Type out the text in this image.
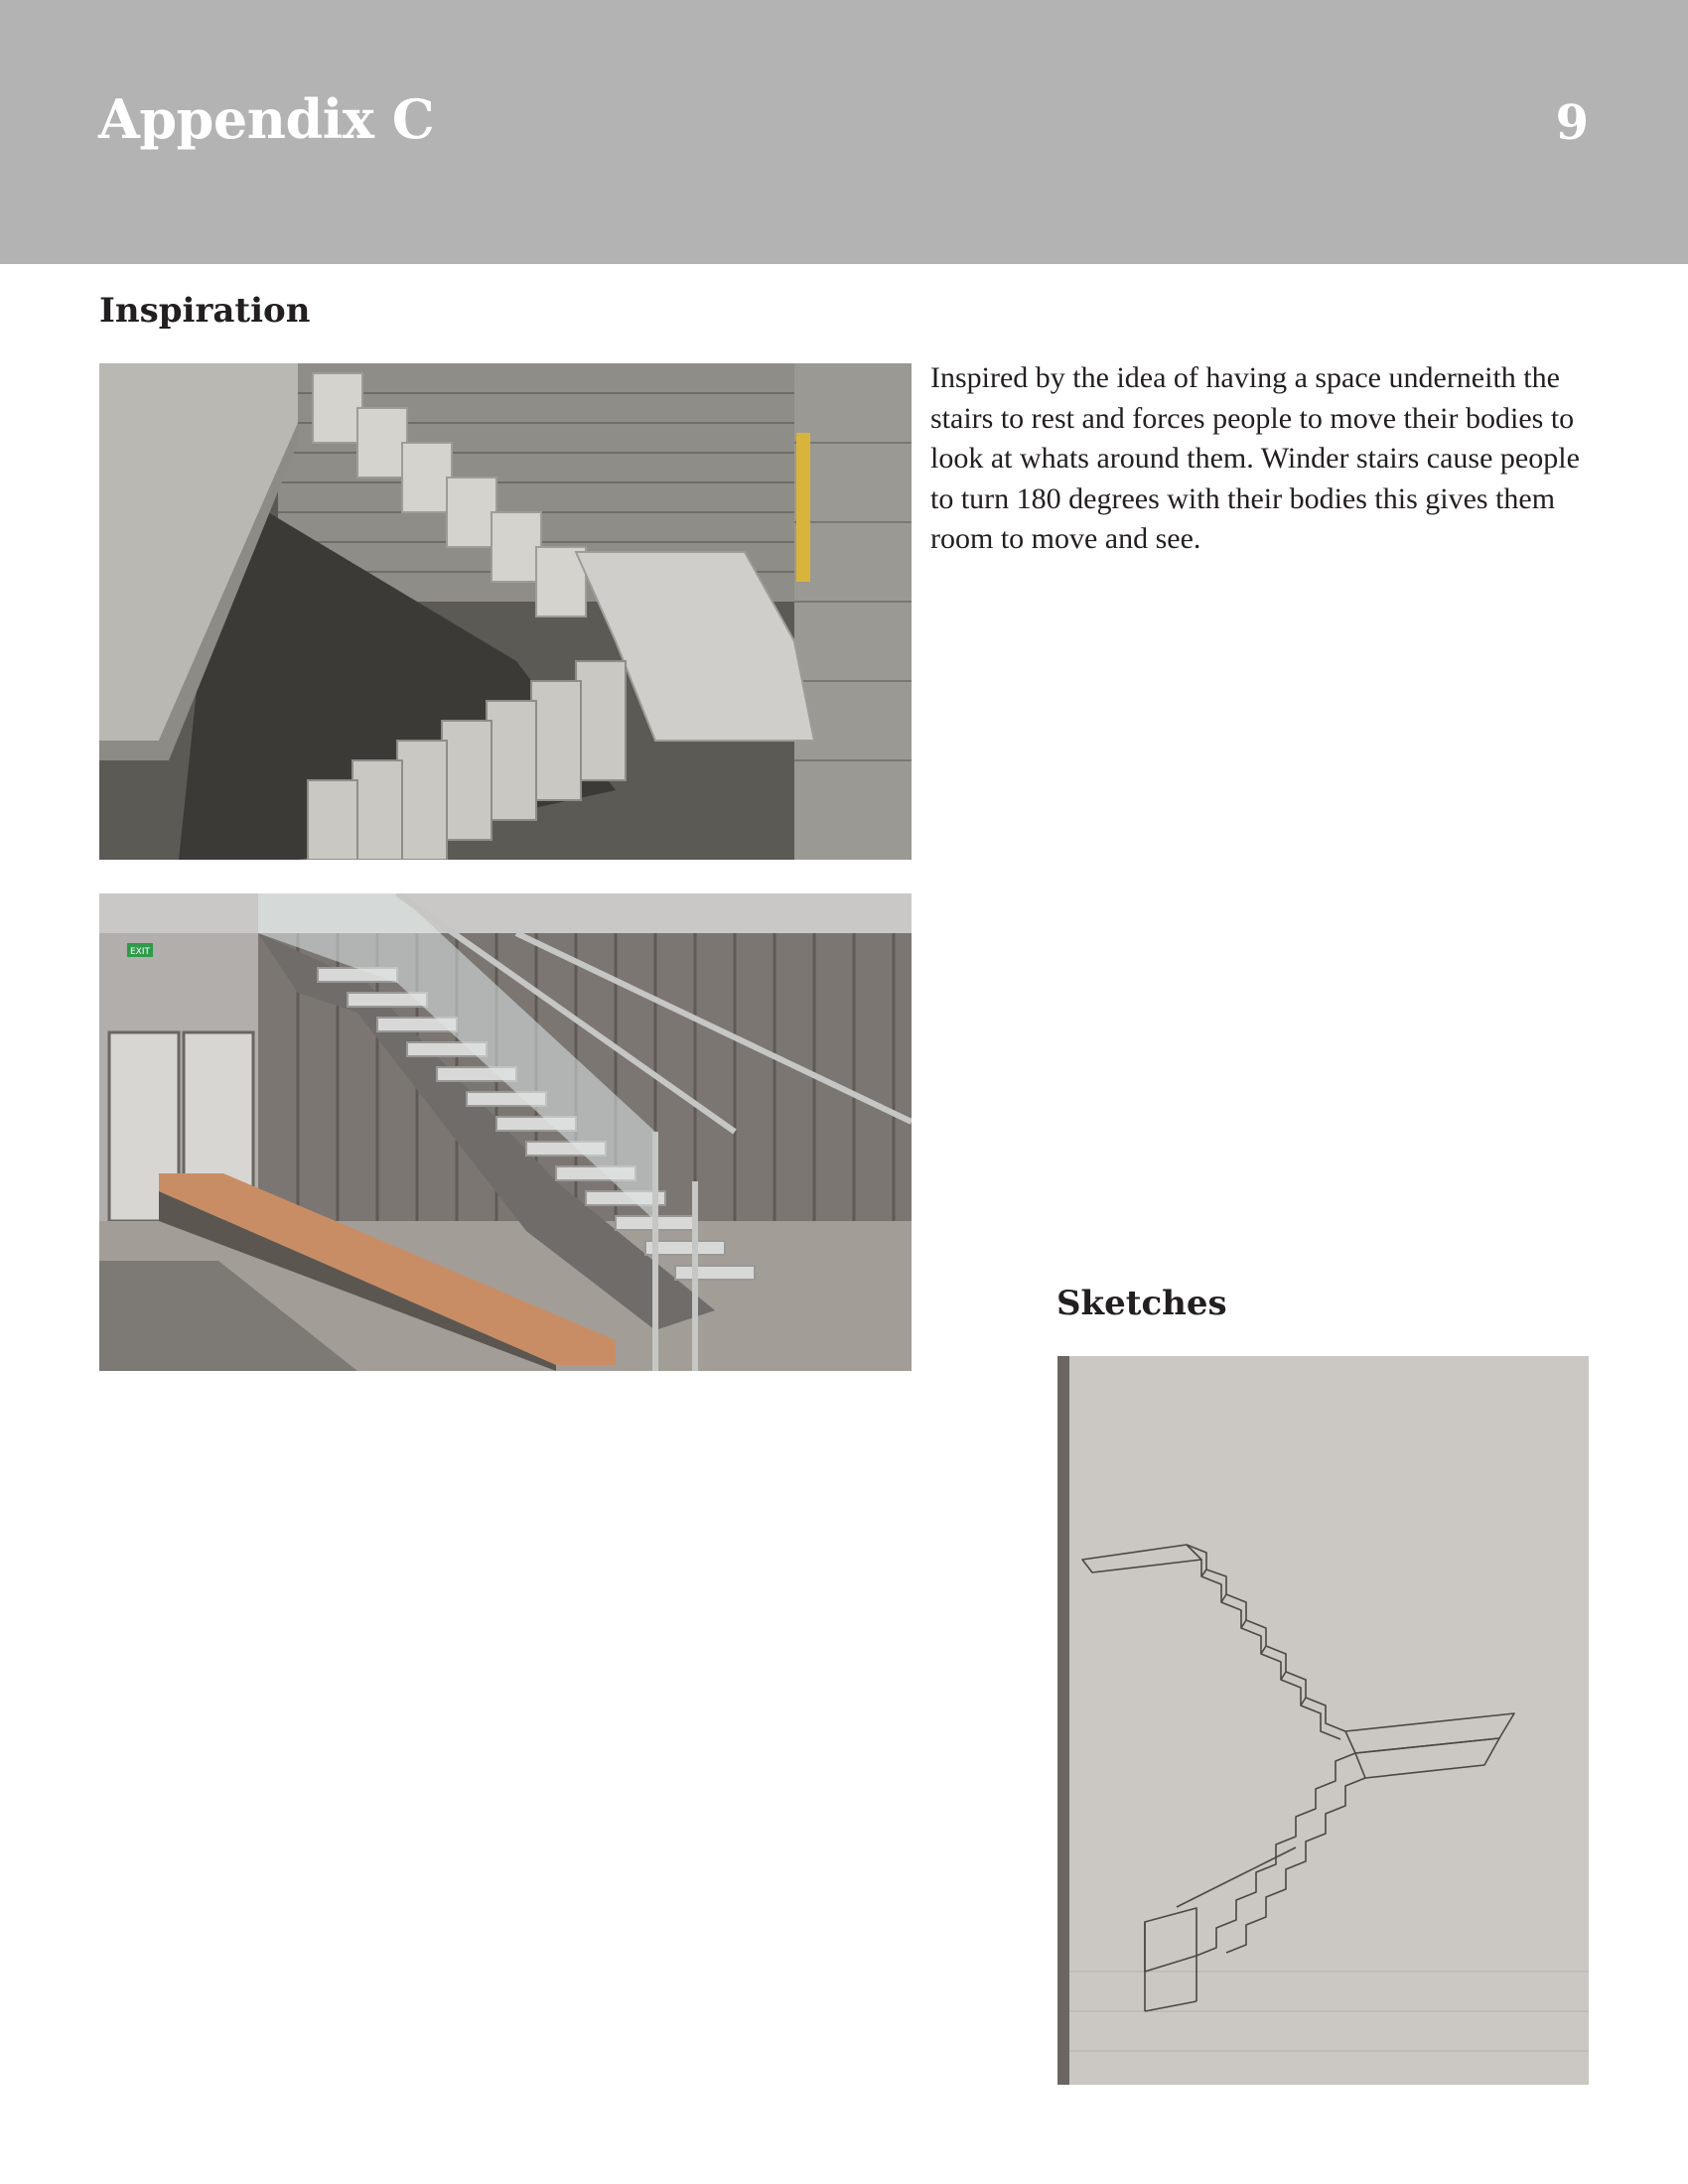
Appendix C	9
Inspiration
Inspired by the idea of having a space underneith the stairs to rest and forces people to move their bodies to look at whats around them. Winder stairs cause people to turn 180 degrees with their bodies this gives them room to move and see.
EXIT
Sketches
